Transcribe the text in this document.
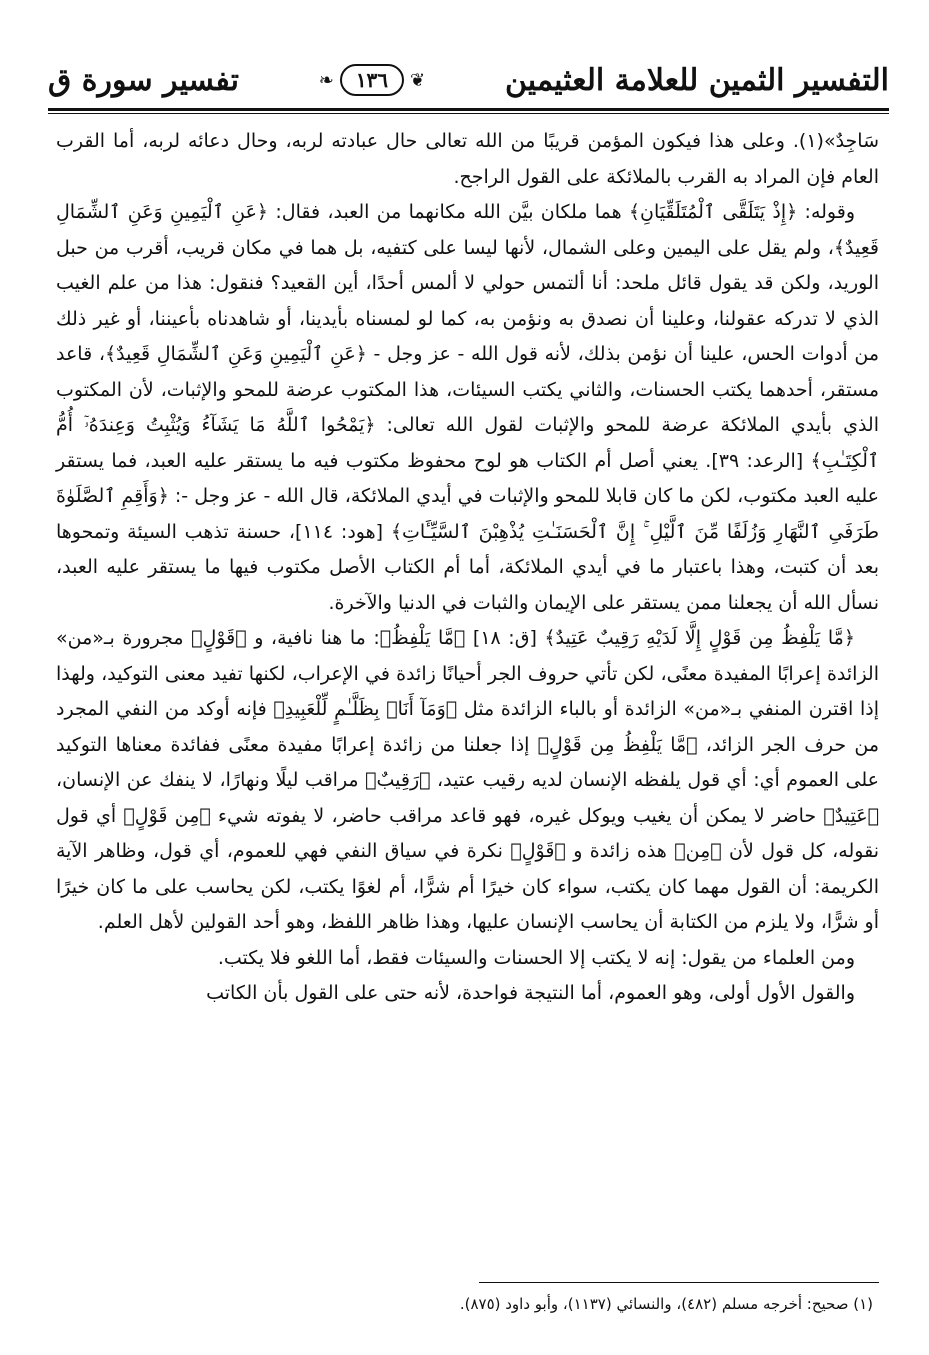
التفسير الثمين للعلامة العثيمين
❦
١٣٦
❧
تفسير سورة ق

سَاجِدٌ»(١). وعلى هذا فيكون المؤمن قريبًا من الله تعالى حال عبادته لربه، وحال دعائه لربه، أما القرب العام فإن المراد به القرب بالملائكة على القول الراجح.

وقوله: ﴿إِذْ يَتَلَقَّى ٱلْمُتَلَقِّيَانِ﴾ هما ملكان بيَّن الله مكانهما من العبد، فقال: ﴿عَنِ ٱلْيَمِينِ وَعَنِ ٱلشِّمَالِ قَعِيدٌ﴾، ولم يقل على اليمين وعلى الشمال، لأنها ليسا على كتفيه، بل هما في مكان قريب، أقرب من حبل الوريد، ولكن قد يقول قائل ملحد: أنا ألتمس حولي لا ألمس أحدًا، أين القعيد؟ فنقول: هذا من علم الغيب الذي لا تدركه عقولنا، وعلينا أن نصدق به ونؤمن به، كما لو لمسناه بأيدينا، أو شاهدناه بأعيننا، أو غير ذلك من أدوات الحس، علينا أن نؤمن بذلك، لأنه قول الله - عز وجل - ﴿عَنِ ٱلْيَمِينِ وَعَنِ ٱلشِّمَالِ قَعِيدٌ﴾، قاعد مستقر، أحدهما يكتب الحسنات، والثاني يكتب السيئات، هذا المكتوب عرضة للمحو والإثبات، لأن المكتوب الذي بأيدي الملائكة عرضة للمحو والإثبات لقول الله تعالى: ﴿يَمْحُوا ٱللَّهُ مَا يَشَآءُ وَيُثْبِتُ وَعِندَهُۥٓ أُمُّ ٱلْكِتَـٰبِ﴾ [الرعد: ٣٩]. يعني أصل أم الكتاب هو لوح محفوظ مكتوب فيه ما يستقر عليه العبد، فما يستقر عليه العبد مكتوب، لكن ما كان قابلا للمحو والإثبات في أيدي الملائكة، قال الله - عز وجل -: ﴿وَأَقِمِ ٱلصَّلَوٰةَ طَرَفَىِ ٱلنَّهَارِ وَزُلَفًا مِّنَ ٱلَّيْلِ ۚ إِنَّ ٱلْحَسَنَـٰتِ يُذْهِبْنَ ٱلسَّيِّـَٔاتِ﴾ [هود: ١١٤]، حسنة تذهب السيئة وتمحوها بعد أن كتبت، وهذا باعتبار ما في أيدي الملائكة، أما أم الكتاب الأصل مكتوب فيها ما يستقر عليه العبد، نسأل الله أن يجعلنا ممن يستقر على الإيمان والثبات في الدنيا والآخرة.

﴿مَّا يَلْفِظُ مِن قَوْلٍ إِلَّا لَدَيْهِ رَقِيبٌ عَتِيدٌ﴾ [ق: ١٨] ﴿مَّا يَلْفِظُ﴾: ما هنا نافية، و ﴿قَوْلٍ﴾ مجرورة بـ«من» الزائدة إعرابًا المفيدة معنًى، لكن تأتي حروف الجر أحيانًا زائدة في الإعراب، لكنها تفيد معنى التوكيد، ولهذا إذا اقترن المنفي بـ«من» الزائدة أو بالباء الزائدة مثل ﴿وَمَآ أَنَا۠ بِظَلَّـٰمٍ لِّلْعَبِيدِ﴾ فإنه أوكد من النفي المجرد من حرف الجر الزائد، ﴿مَّا يَلْفِظُ مِن قَوْلٍ﴾ إذا جعلنا من زائدة إعرابًا مفيدة معنًى ففائدة معناها التوكيد على العموم أي: أي قول يلفظه الإنسان لديه رقيب عتيد، ﴿رَقِيبٌ﴾ مراقب ليلًا ونهارًا، لا ينفك عن الإنسان، ﴿عَتِيدٌ﴾ حاضر لا يمكن أن يغيب ويوكل غيره، فهو قاعد مراقب حاضر، لا يفوته شيء ﴿مِن قَوْلٍ﴾ أي قول نقوله، كل قول لأن ﴿مِن﴾ هذه زائدة و ﴿قَوْلٍ﴾ نكرة في سياق النفي فهي للعموم، أي قول، وظاهر الآية الكريمة: أن القول مهما كان يكتب، سواء كان خيرًا أم شرًّا، أم لغوًا يكتب، لكن يحاسب على ما كان خيرًا أو شرًّا، ولا يلزم من الكتابة أن يحاسب الإنسان عليها، وهذا ظاهر اللفظ، وهو أحد القولين لأهل العلم.

ومن العلماء من يقول: إنه لا يكتب إلا الحسنات والسيئات فقط، أما اللغو فلا يكتب.

والقول الأول أولى، وهو العموم، أما النتيجة فواحدة، لأنه حتى على القول بأن الكاتب

(١) صحيح: أخرجه مسلم (٤٨٢)، والنسائي (١١٣٧)، وأبو داود (٨٧٥).
